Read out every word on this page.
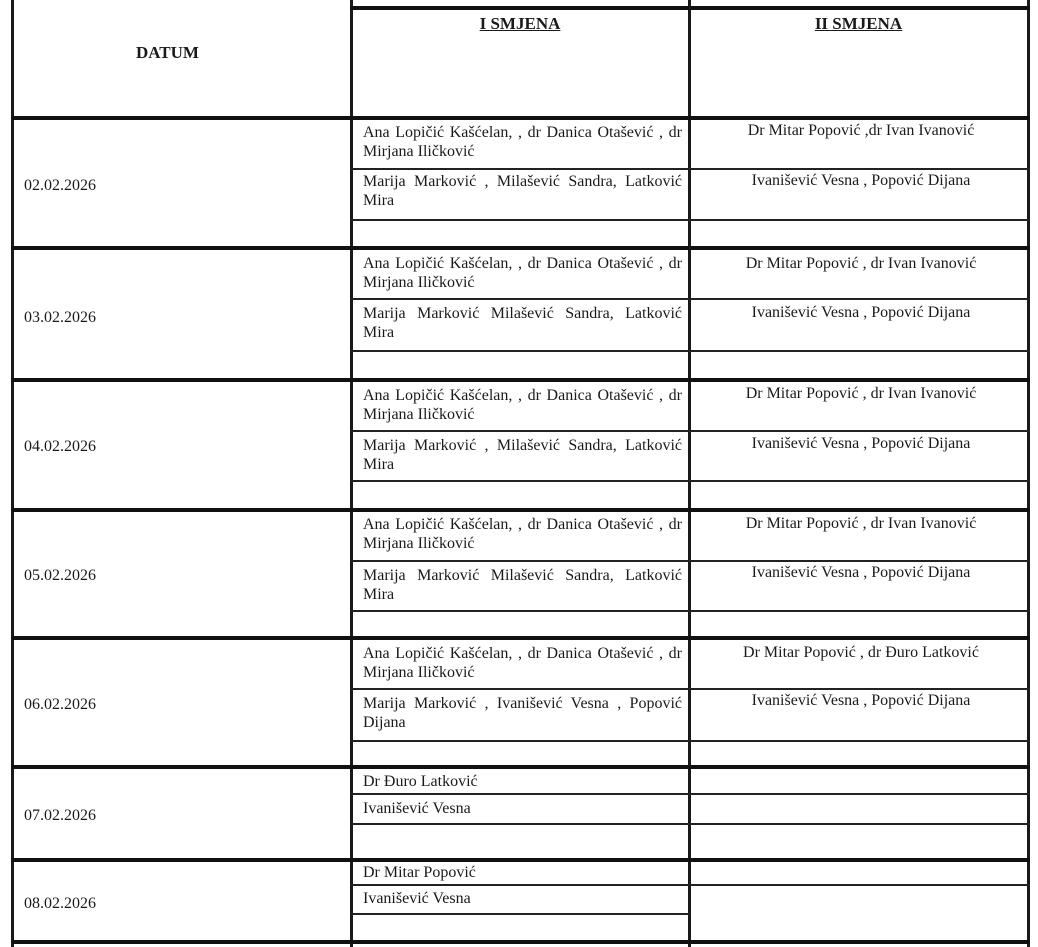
DATUM
I SMJENA	II SMJENA
02.02.2026
Ana Lopičić Kašćelan, , dr Danica Otašević , dr Mirjana Iličković
Marija Marković , Milašević Sandra, Latković Mira
Dr Mitar Popović ,dr Ivan Ivanović
Ivanišević Vesna , Popović Dijana
03.02.2026
Ana Lopičić Kašćelan, , dr Danica Otašević , dr Mirjana Iličković
Marija Marković Milašević Sandra, Latković Mira
Dr Mitar Popović , dr Ivan Ivanović
Ivanišević Vesna , Popović Dijana
04.02.2026
Ana Lopičić Kašćelan, , dr Danica Otašević , dr Mirjana Iličković
Marija Marković , Milašević Sandra, Latković Mira
Dr Mitar Popović , dr Ivan Ivanović
Ivanišević Vesna , Popović Dijana
05.02.2026
Ana Lopičić Kašćelan, , dr Danica Otašević , dr Mirjana Iličković
Marija Marković Milašević Sandra, Latković Mira
Dr Mitar Popović , dr Ivan Ivanović
Ivanišević Vesna , Popović Dijana
06.02.2026
Ana Lopičić Kašćelan, , dr Danica Otašević , dr Mirjana Iličković
Marija Marković , Ivanišević Vesna , Popović Dijana
Dr Mitar Popović , dr Đuro Latković
Ivanišević Vesna , Popović Dijana
07.02.2026
Dr Đuro Latković
Ivanišević Vesna
08.02.2026
Dr Mitar Popović
Ivanišević Vesna
